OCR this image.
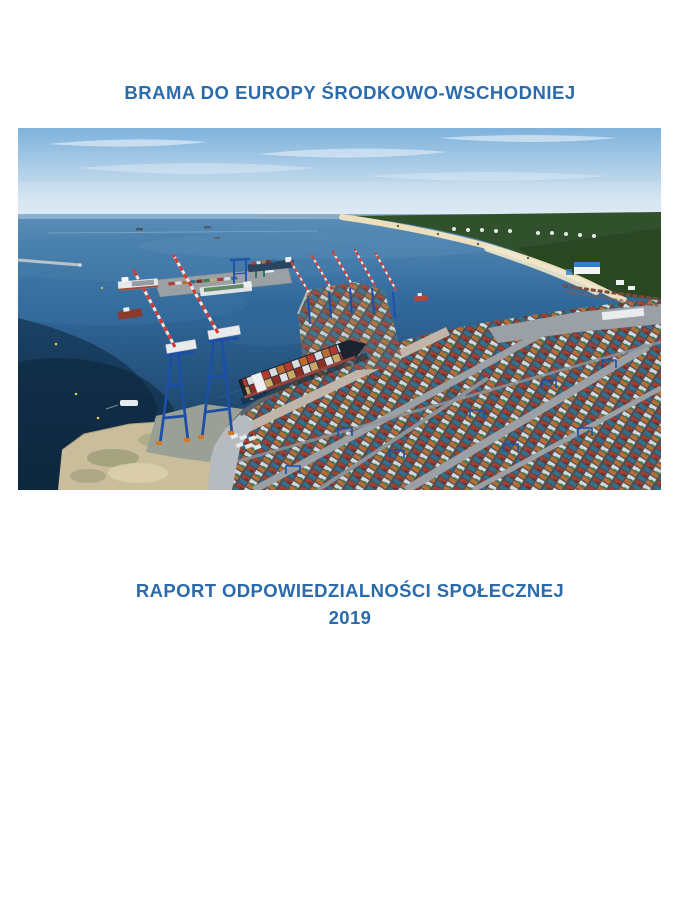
BRAMA DO EUROPY ŚRODKOWO-WSCHODNIEJ
RAPORT ODPOWIEDZIALNOŚCI SPOŁECZNEJ
2019
